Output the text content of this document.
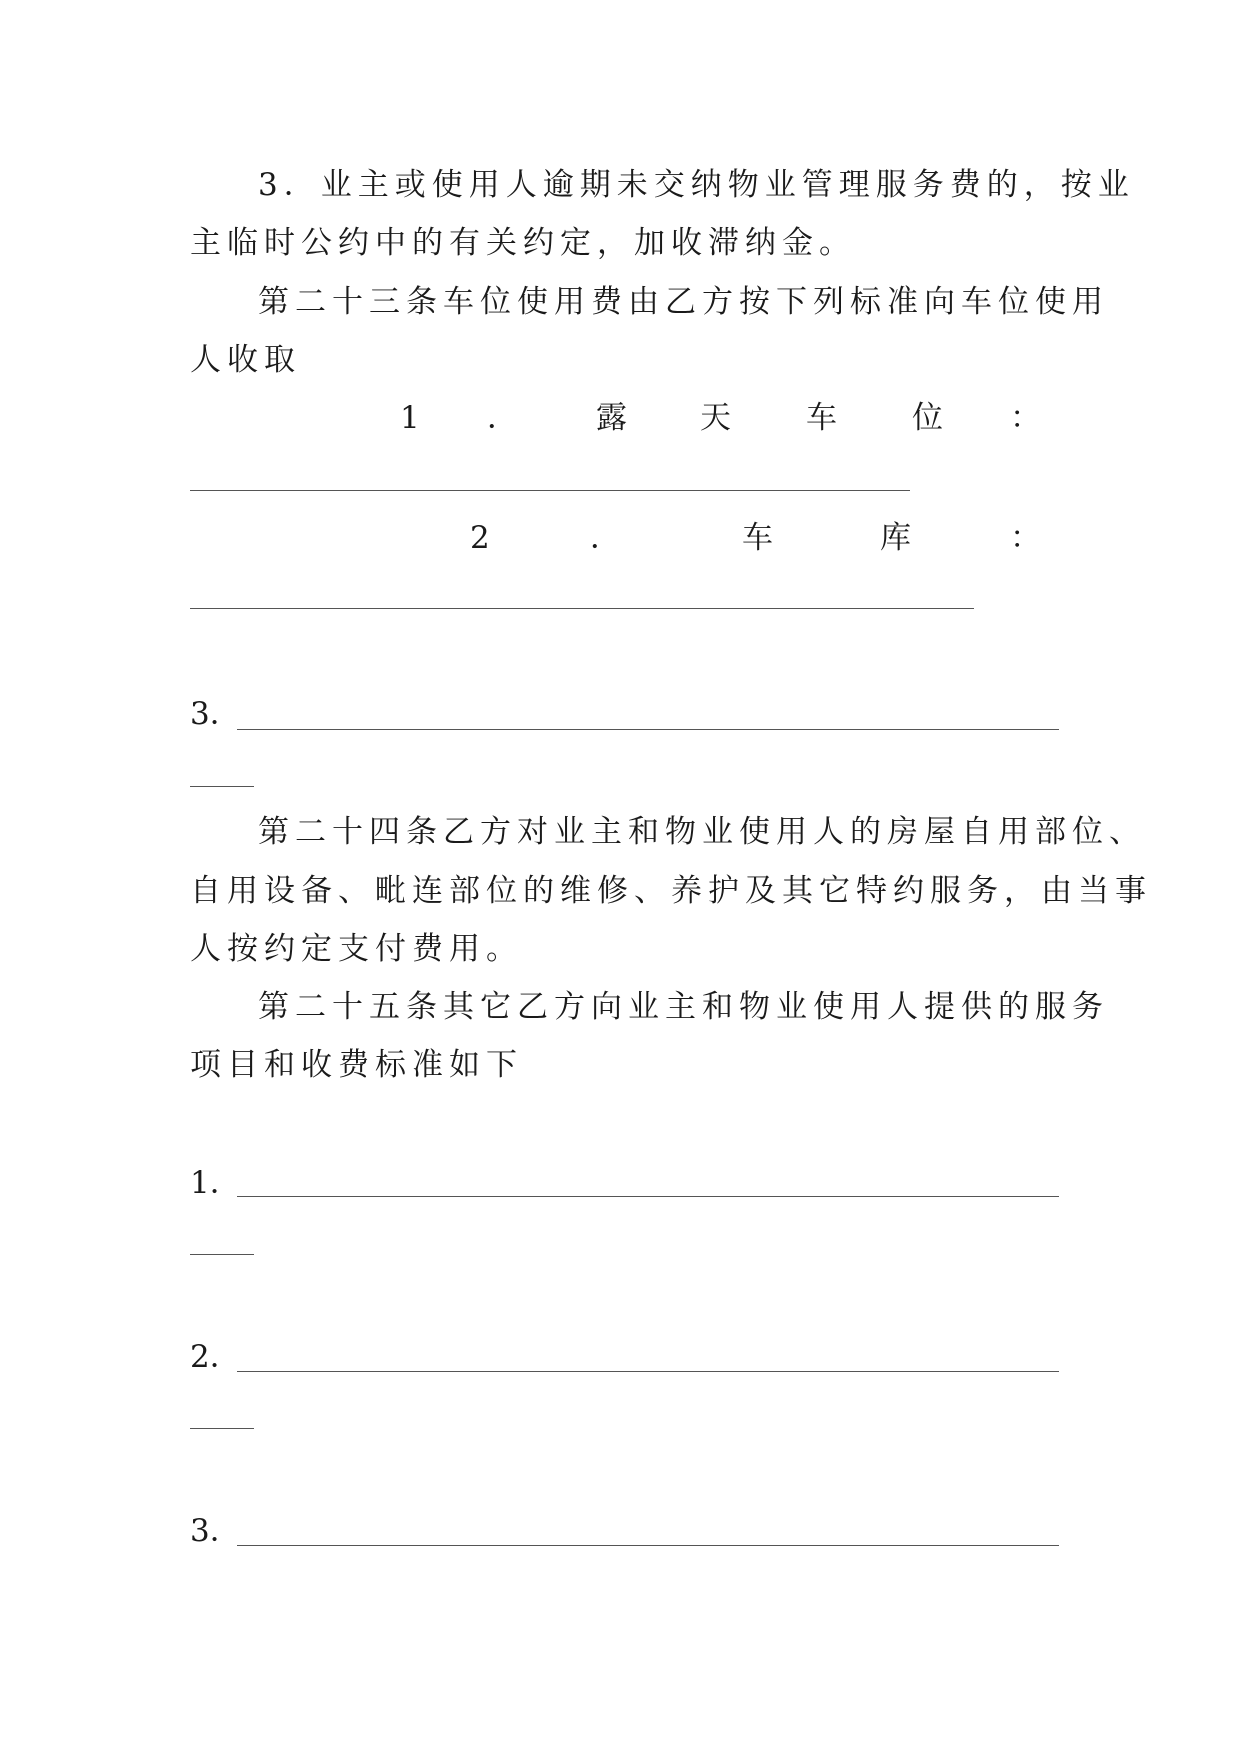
3．业主或使用人逾期未交纳物业管理服务费的，按业
主临时公约中的有关约定，加收滞纳金。
第二十三条车位使用费由乙方按下列标准向车位使用
人收取
1 ．	露 天 车 位 ：
2	．	车	库	：
3．
第二十四条乙方对业主和物业使用人的房屋自用部位、
自用设备、毗连部位的维修、养护及其它特约服务，由当事
人按约定支付费用。
第二十五条其它乙方向业主和物业使用人提供的服务
项目和收费标准如下
1．
2．
3．
